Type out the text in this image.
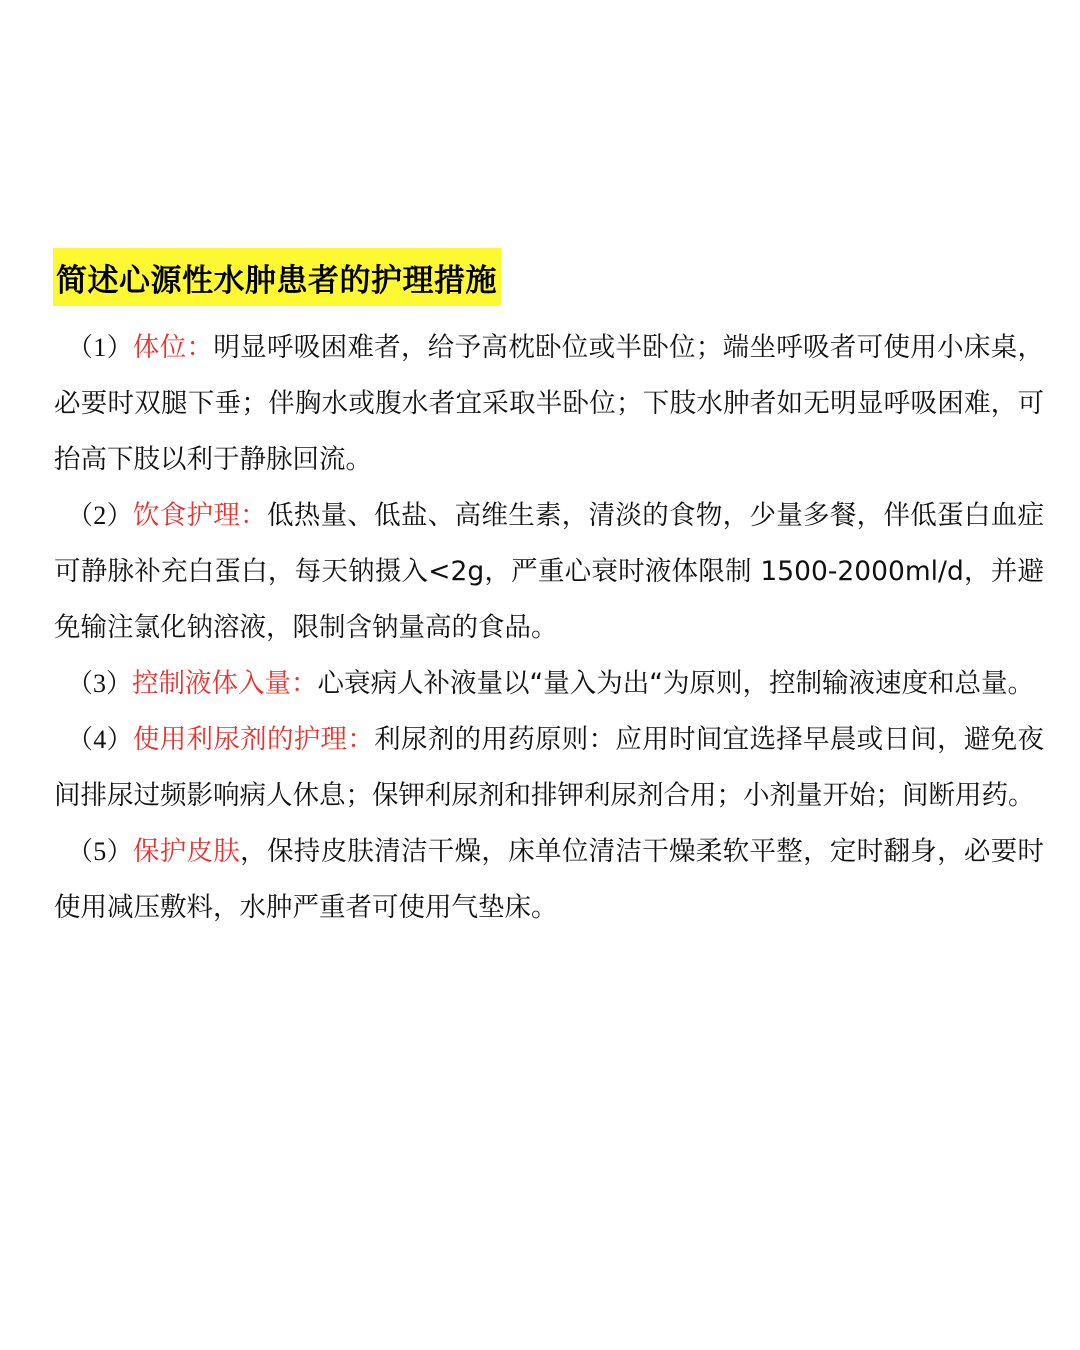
简述心源性水肿患者的护理措施

（1）体位：明显呼吸困难者，给予高枕卧位或半卧位；端坐呼吸者可使用小床桌，必要时双腿下垂；伴胸水或腹水者宜采取半卧位；下肢水肿者如无明显呼吸困难，可抬高下肢以利于静脉回流。

（2）饮食护理：低热量、低盐、高维生素，清淡的食物，少量多餐，伴低蛋白血症可静脉补充白蛋白，每天钠摄入<2g，严重心衰时液体限制 1500-2000ml/d，并避免输注氯化钠溶液，限制含钠量高的食品。

（3）控制液体入量：心衰病人补液量以“量入为出“为原则，控制输液速度和总量。

（4）使用利尿剂的护理：利尿剂的用药原则：应用时间宜选择早晨或日间，避免夜间排尿过频影响病人休息；保钾利尿剂和排钾利尿剂合用；小剂量开始；间断用药。

（5）保护皮肤，保持皮肤清洁干燥，床单位清洁干燥柔软平整，定时翻身，必要时使用减压敷料，水肿严重者可使用气垫床。
